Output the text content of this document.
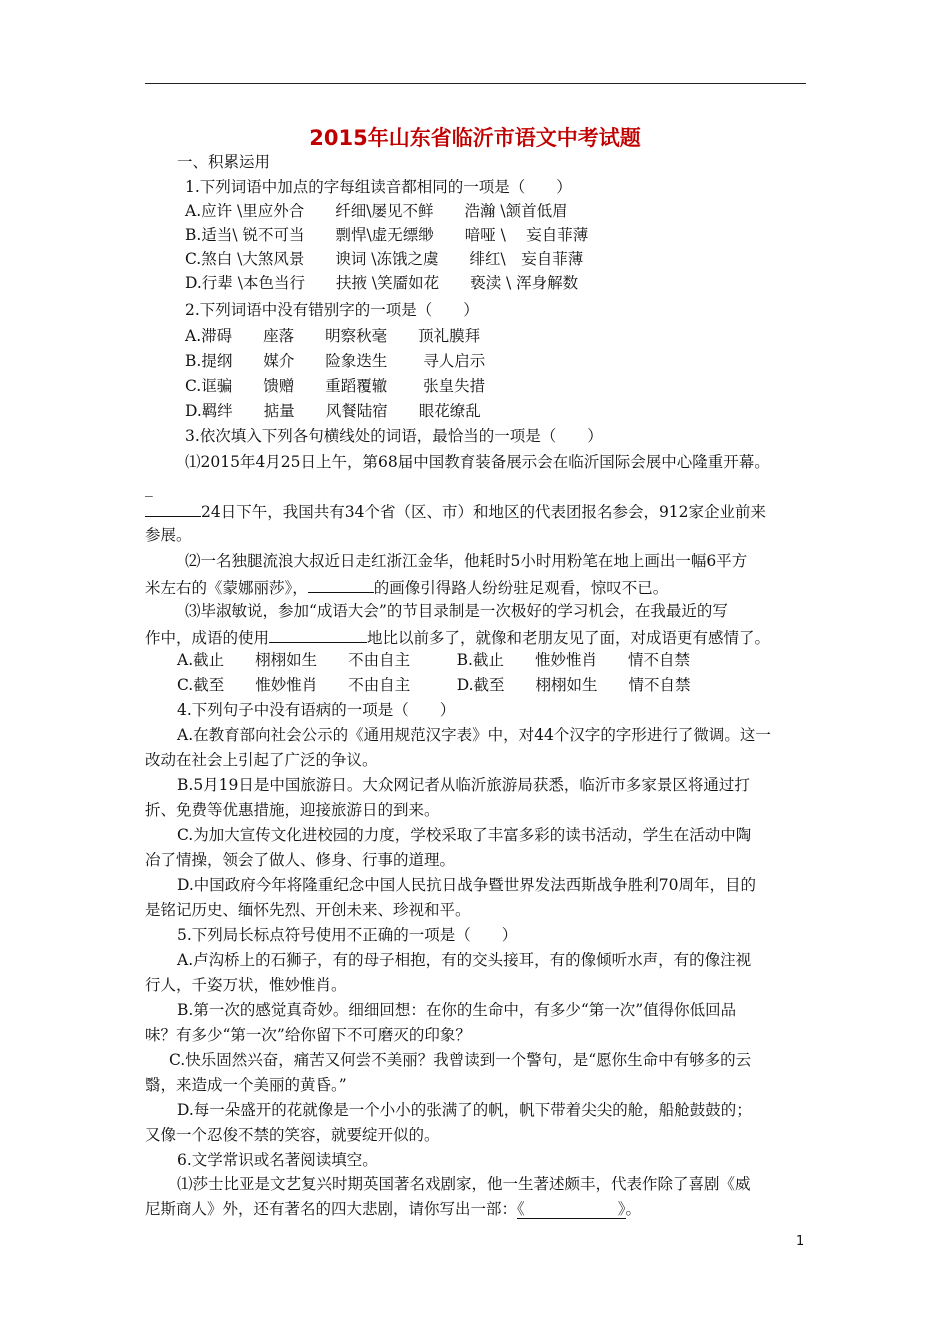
2015年山东省临沂市语文中考试题
一、积累运用
1.下列词语中加点的字每组读音都相同的一项是（　　）
A.应许 \里应外合　　纤细\屡见不鲜　　浩瀚 \颔首低眉
B.适当\ 锐不可当　　剽悍\虚无缥缈　　喑哑 \　 妄自菲薄
C.煞白 \大煞风景　　谀词 \冻饿之虞　　绯红\　妄自菲薄
D.行辈 \本色当行　　扶掖 \笑靥如花　　亵渎 \ 浑身解数
2.下列词语中没有错别字的一项是（　　）
A.滞碍　　座落　　明察秋毫　　顶礼膜拜
B.提纲　　媒介　　险象迭生　　 寻人启示
C.诓骗　　馈赠　　重蹈覆辙　　 张皇失措
D.羁绊　　掂量　　风餐陆宿　　眼花缭乱
3.依次填入下列各句横线处的词语，最恰当的一项是（　　）
⑴2015年4月25日上午，第68届中国教育装备展示会在临沂国际会展中心隆重开幕。
_
24日下午，我国共有34个省（区、市）和地区的代表团报名参会，912家企业前来
参展。
⑵一名独腿流浪大叔近日走红浙江金华，他耗时5小时用粉笔在地上画出一幅6平方
米左右的《蒙娜丽莎》，	的画像引得路人纷纷驻足观看，惊叹不已。
⑶毕淑敏说，参加“成语大会”的节目录制是一次极好的学习机会，在我最近的写
作中，成语的使用	地比以前多了，就像和老朋友见了面，对成语更有感情了。
A.截止　　栩栩如生　　不由自主　　　B.截止　　惟妙惟肖　　情不自禁
C.截至　　惟妙惟肖　　不由自主　　　D.截至　　栩栩如生　　情不自禁
4.下列句子中没有语病的一项是（　　）
A.在教育部向社会公示的《通用规范汉字表》中，对44个汉字的字形进行了微调。这一
改动在社会上引起了广泛的争议。
B.5月19日是中国旅游日。大众网记者从临沂旅游局获悉，临沂市多家景区将通过打
折、免费等优惠措施，迎接旅游日的到来。
C.为加大宣传文化进校园的力度，学校采取了丰富多彩的读书活动，学生在活动中陶
冶了情操，领会了做人、修身、行事的道理。
D.中国政府今年将隆重纪念中国人民抗日战争暨世界发法西斯战争胜利70周年，目的
是铭记历史、缅怀先烈、开创未来、珍视和平。
5.下列局长标点符号使用不正确的一项是（　　）
A.卢沟桥上的石狮子，有的母子相抱，有的交头接耳，有的像倾听水声，有的像注视
行人，千姿万状，惟妙惟肖。
B.第一次的感觉真奇妙。细细回想：在你的生命中，有多少“第一次”值得你低回品
味？有多少“第一次”给你留下不可磨灭的印象？
C.快乐固然兴奋，痛苦又何尝不美丽？我曾读到一个警句，是“愿你生命中有够多的云
翳，来造成一个美丽的黄昏。”
D.每一朵盛开的花就像是一个小小的张满了的帆，帆下带着尖尖的舱，船舱鼓鼓的；
又像一个忍俊不禁的笑容，就要绽开似的。
6.文学常识或名著阅读填空。
⑴莎士比亚是文艺复兴时期英国著名戏剧家，他一生著述颇丰，代表作除了喜剧《威
尼斯商人》外，还有著名的四大悲剧，请你写出一部：《　　　　　　》。
1
